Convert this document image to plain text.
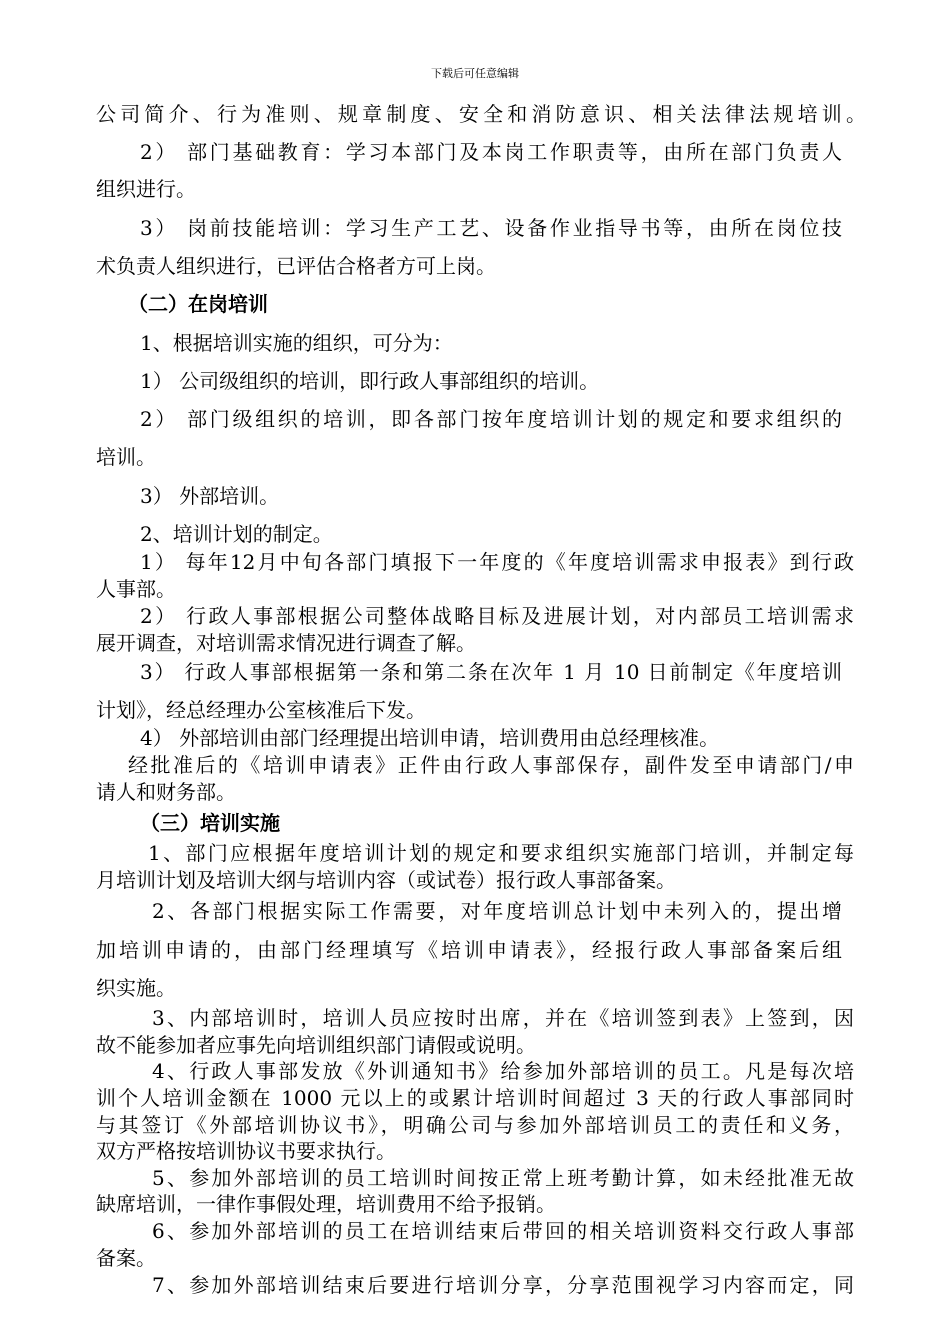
下载后可任意编辑
公司简介、行为准则、规章制度、安全和消防意识、相关法律法规培训。
2） 部门基础教育：学习本部门及本岗工作职责等，由所在部门负责人
组织进行。
3） 岗前技能培训：学习生产工艺、设备作业指导书等，由所在岗位技
术负责人组织进行，已评估合格者方可上岗。
（二）在岗培训
1、根据培训实施的组织，可分为：
1） 公司级组织的培训，即行政人事部组织的培训。
2） 部门级组织的培训，即各部门按年度培训计划的规定和要求组织的
培训。
3） 外部培训。
2、培训计划的制定。
1） 每年12月中旬各部门填报下一年度的《年度培训需求申报表》到行政
人事部。
2） 行政人事部根据公司整体战略目标及进展计划，对内部员工培训需求
展开调查，对培训需求情况进行调查了解。
3） 行政人事部根据第一条和第二条在次年 1 月 10 日前制定《年度培训
计划》，经总经理办公室核准后下发。
4） 外部培训由部门经理提出培训申请，培训费用由总经理核准。
经批准后的《培训申请表》正件由行政人事部保存，副件发至申请部门/申
请人和财务部。
（三）培训实施
1、部门应根据年度培训计划的规定和要求组织实施部门培训，并制定每
月培训计划及培训大纲与培训内容（或试卷）报行政人事部备案。
2、各部门根据实际工作需要，对年度培训总计划中未列入的，提出增
加培训申请的，由部门经理填写《培训申请表》，经报行政人事部备案后组
织实施。
3、内部培训时，培训人员应按时出席，并在《培训签到表》上签到，因
故不能参加者应事先向培训组织部门请假或说明。
4、行政人事部发放《外训通知书》给参加外部培训的员工。凡是每次培
训个人培训金额在 1000 元以上的或累计培训时间超过 3 天的行政人事部同时
与其签订《外部培训协议书》，明确公司与参加外部培训员工的责任和义务，
双方严格按培训协议书要求执行。
5、参加外部培训的员工培训时间按正常上班考勤计算，如未经批准无故
缺席培训，一律作事假处理，培训费用不给予报销。
6、参加外部培训的员工在培训结束后带回的相关培训资料交行政人事部
备案。
7、参加外部培训结束后要进行培训分享，分享范围视学习内容而定，同
